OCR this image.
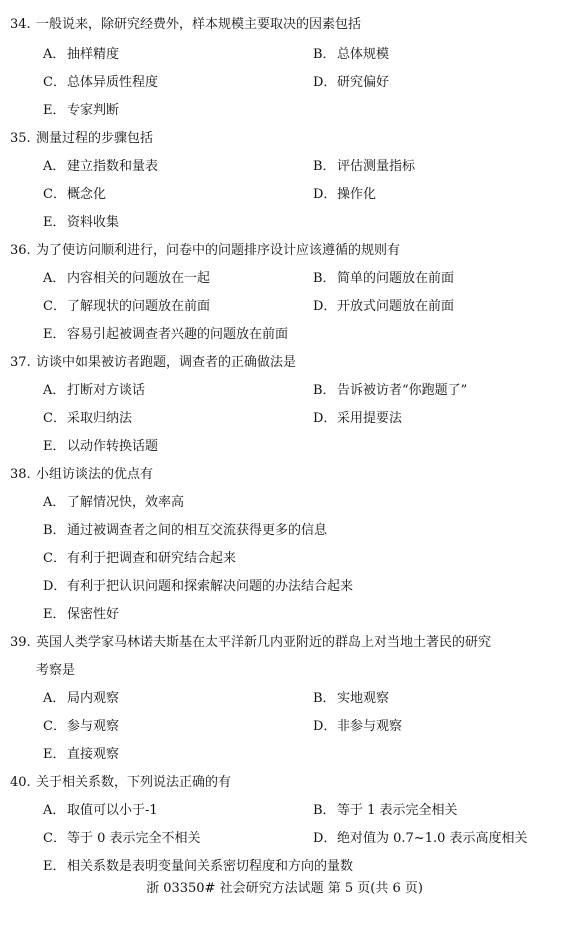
34. 一般说来，除研究经费外，样本规模主要取决的因素包括
A． 抽样精度	B．总体规模
C．总体异质性程度	D．研究偏好
E． 专家判断
35. 测量过程的步骤包括
A． 建立指数和量表	B．评估测量指标
C．概念化	D．操作化
E． 资料收集
36. 为了使访问顺利进行，问卷中的问题排序设计应该遵循的规则有
A． 内容相关的问题放在一起	B．简单的问题放在前面
C．了解现状的问题放在前面	D．开放式问题放在前面
E． 容易引起被调查者兴趣的问题放在前面
37. 访谈中如果被访者跑题，调查者的正确做法是
A． 打断对方谈话	B．告诉被访者“你跑题了”
C．采取归纳法	D．采用提要法
E． 以动作转换话题
38. 小组访谈法的优点有
A． 了解情况快，效率高
B．通过被调查者之间的相互交流获得更多的信息
C．有利于把调查和研究结合起来
D．有利于把认识问题和探索解决问题的办法结合起来
E． 保密性好
39. 英国人类学家马林诺夫斯基在太平洋新几内亚附近的群岛上对当地土著民的研究
考察是
A． 局内观察	B．实地观察
C．参与观察	D．非参与观察
E． 直接观察
40. 关于相关系数，下列说法正确的有
A． 取值可以小于-1	B．等于 1 表示完全相关
C．等于 0 表示完全不相关	D．绝对值为 0.7~1.0 表示高度相关
E． 相关系数是表明变量间关系密切程度和方向的量数
浙 03350# 社会研究方法试题 第 5 页(共 6 页)
